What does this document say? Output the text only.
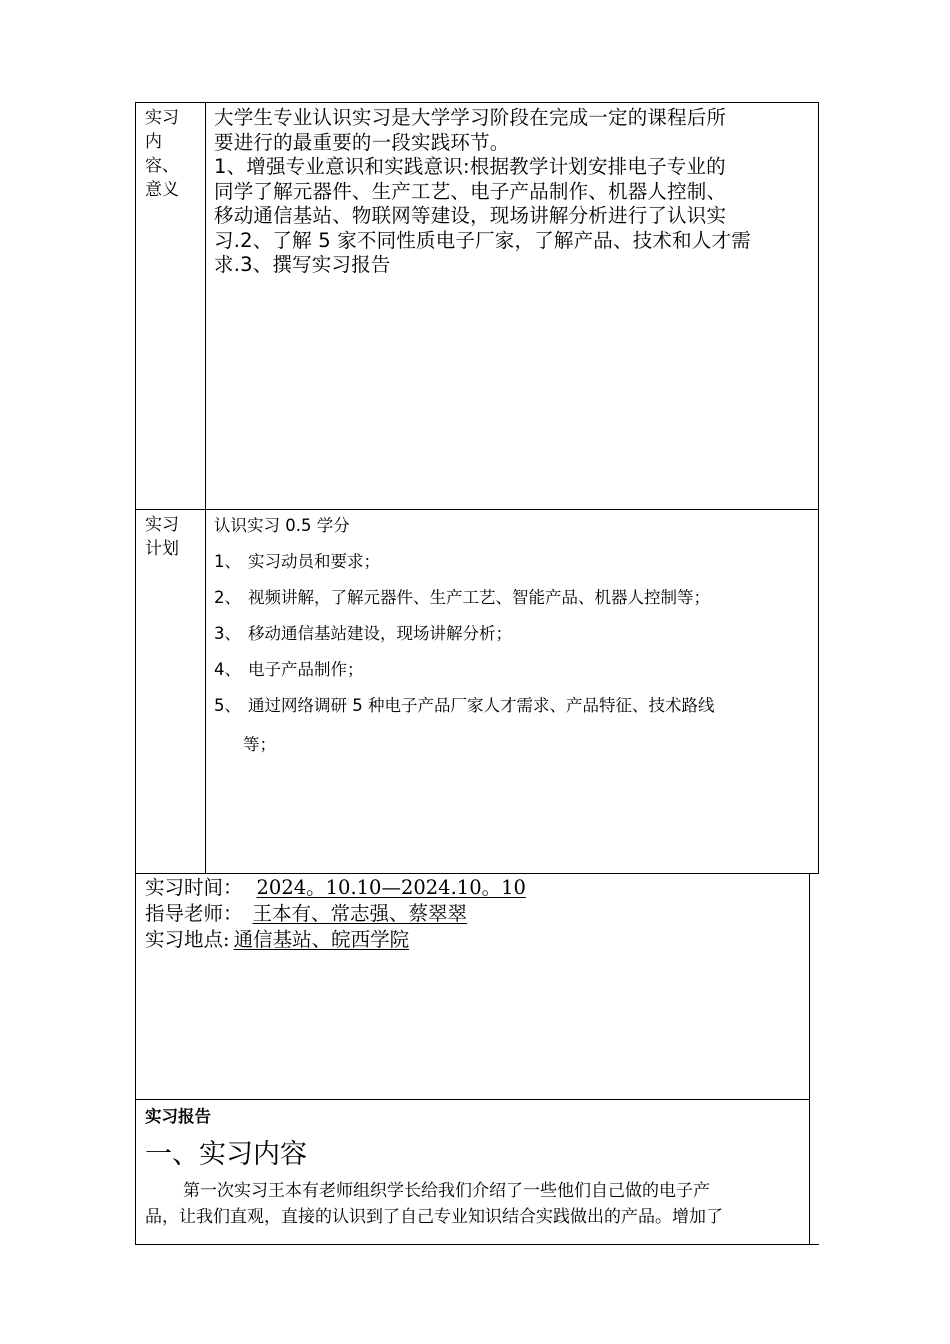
实习
内
容、
意义
大学生专业认识实习是大学学习阶段在完成一定的课程后所
要进行的最重要的一段实践环节。
1、增强专业意识和实践意识:根据教学计划安排电子专业的
同学了解元器件、生产工艺、电子产品制作、机器人控制、
移动通信基站、物联网等建设，现场讲解分析进行了认识实
习.2、了解 5 家不同性质电子厂家，了解产品、技术和人才需
求.3、撰写实习报告
实习
计划
认识实习 0.5 学分
1、 实习动员和要求；
2、 视频讲解，了解元器件、生产工艺、智能产品、机器人控制等；
3、 移动通信基站建设，现场讲解分析；
4、 电子产品制作；
5、 通过网络调研 5 种电子产品厂家人才需求、产品特征、技术路线
等；
实习时间： 2024。10.10—2024.10。10
指导老师： 王本有、常志强、蔡翠翠
实习地点: 通信基站、皖西学院
实习报告
一、实习内容
第一次实习王本有老师组织学长给我们介绍了一些他们自己做的电子产
品，让我们直观，直接的认识到了自己专业知识结合实践做出的产品。增加了
